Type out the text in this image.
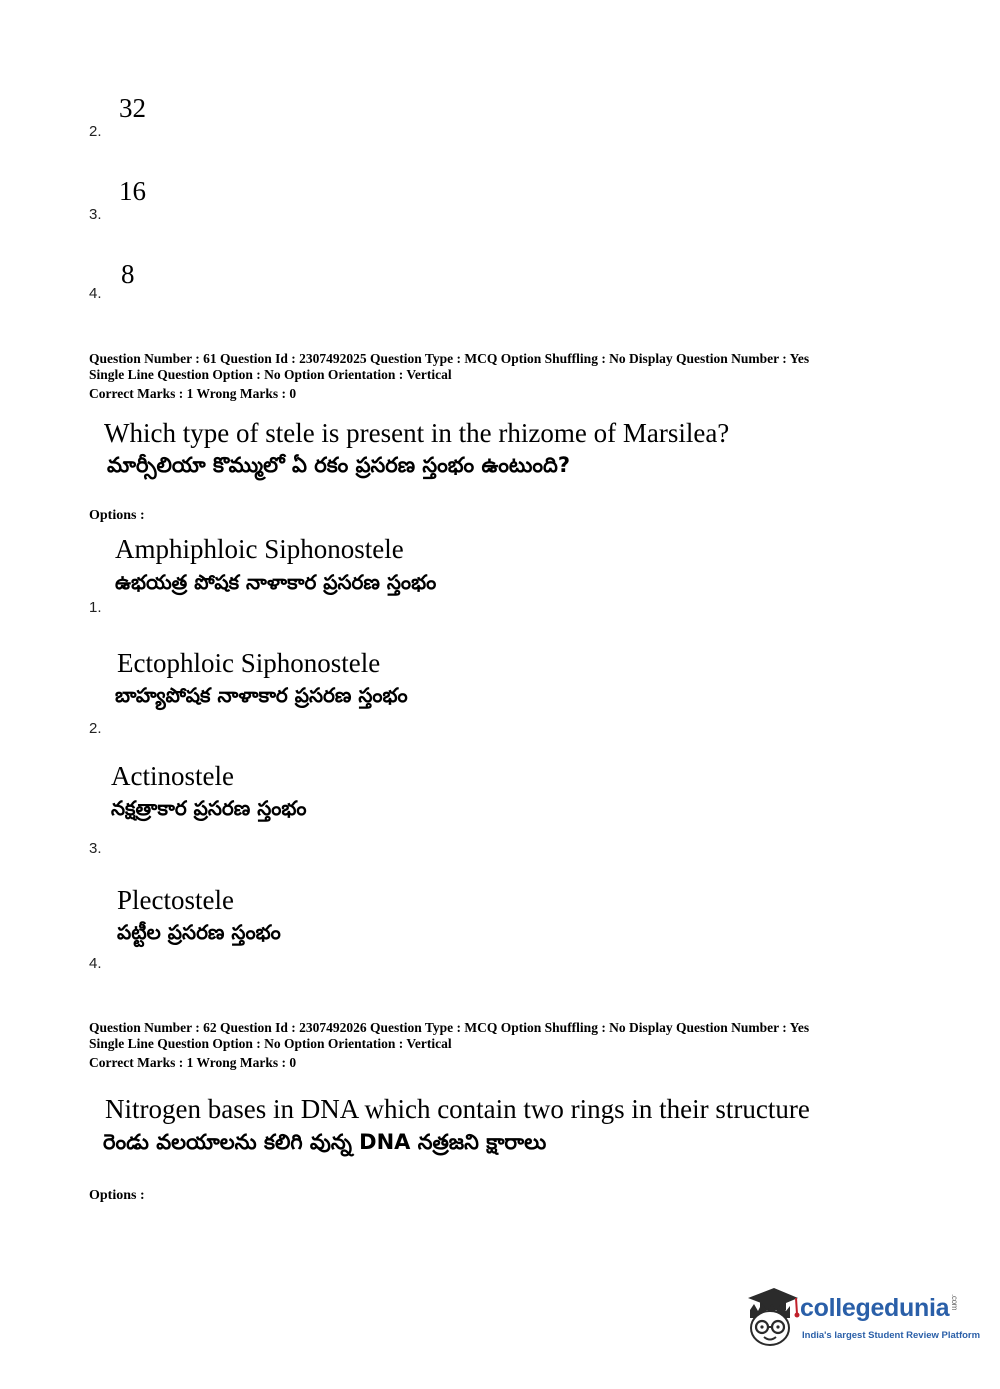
32
2.
16
3.
8
4.
Question Number : 61 Question Id : 2307492025 Question Type : MCQ Option Shuffling : No Display Question Number : Yes
Single Line Question Option : No Option Orientation : Vertical
Correct Marks : 1 Wrong Marks : 0
Which type of stele is present in the rhizome of Marsilea?
మార్సీలియా కొమ్ములో ఏ రకం ప్రసరణ స్తంభం ఉంటుంది?
Options :
Amphiphloic Siphonostele
ఉభయత్ర పోషక నాళాకార ప్రసరణ స్తంభం
1.
Ectophloic Siphonostele
బాహ్యపోషక నాళాకార ప్రసరణ స్తంభం
2.
Actinostele
నక్షత్రాకార ప్రసరణ స్తంభం
3.
Plectostele
పట్టీల ప్రసరణ స్తంభం
4.
Question Number : 62 Question Id : 2307492026 Question Type : MCQ Option Shuffling : No Display Question Number : Yes
Single Line Question Option : No Option Orientation : Vertical
Correct Marks : 1 Wrong Marks : 0
Nitrogen bases in DNA which contain two rings in their structure
రెండు వలయాలను కలిగి వున్న DNA నత్రజని క్షారాలు
Options :
collegedunia.com
India's largest Student Review Platform
